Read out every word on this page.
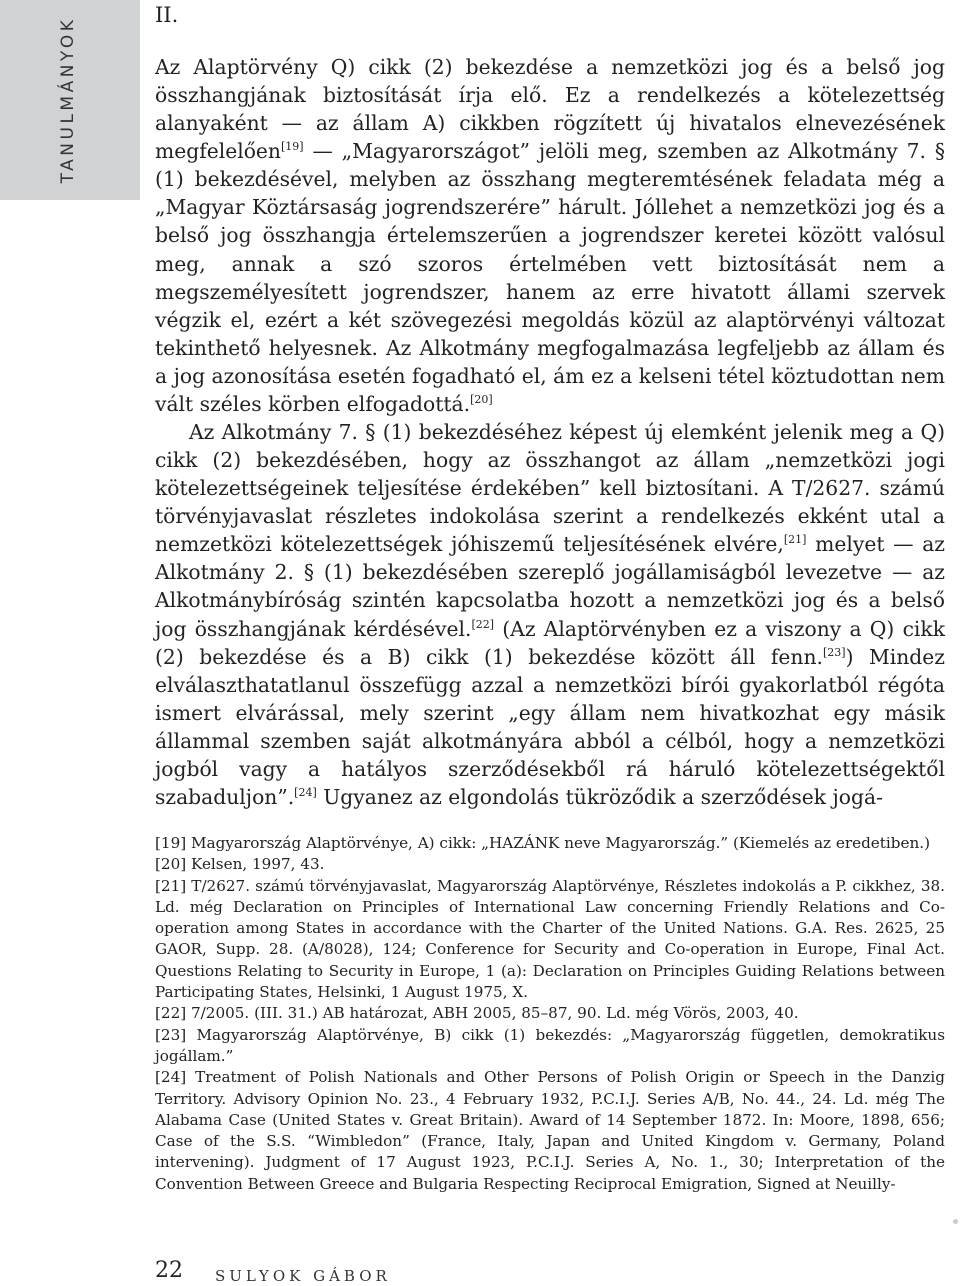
TANULMÁNYOK
II.

Az Alaptörvény Q) cikk (2) bekezdése a nemzetközi jog és a belső jog összhangjának biztosítását írja elő. Ez a rendelkezés a kötelezettség alanyaként — az állam A) cikkben rögzített új hivatalos elnevezésének megfelelően[19] — „Magyarországot” jelöli meg, szemben az Alkotmány 7. § (1) bekezdésével, melyben az összhang megteremtésének feladata még a „Magyar Köztársaság jogrendszerére” hárult. Jóllehet a nemzetközi jog és a belső jog összhangja értelemszerűen a jogrendszer keretei között valósul meg, annak a szó szoros értelmében vett biztosítását nem a megszemélyesített jogrendszer, hanem az erre hivatott állami szervek végzik el, ezért a két szövegezési megoldás közül az alaptörvényi változat tekinthető helyesnek. Az Alkotmány megfogalmazása legfeljebb az állam és a jog azonosítása esetén fogadható el, ám ez a kelseni tétel köztudottan nem vált széles körben elfogadottá.[20]

Az Alkotmány 7. § (1) bekezdéséhez képest új elemként jelenik meg a Q) cikk (2) bekezdésében, hogy az összhangot az állam „nemzetközi jogi kötelezettségeinek teljesítése érdekében” kell biztosítani. A T/2627. számú törvényjavaslat részletes indokolása szerint a rendelkezés ekként utal a nemzetközi kötelezettségek jóhiszemű teljesítésének elvére,[21] melyet — az Alkotmány 2. § (1) bekezdésében szereplő jogállamiságból levezetve — az Alkotmánybíróság szintén kapcsolatba hozott a nemzetközi jog és a belső jog összhangjának kérdésével.[22] (Az Alaptörvényben ez a viszony a Q) cikk (2) bekezdése és a B) cikk (1) bekezdése között áll fenn.[23]) Mindez elválaszthatatlanul összefügg azzal a nemzetközi bírói gyakorlatból régóta ismert elvárással, mely szerint „egy állam nem hivatkozhat egy másik állammal szemben saját alkotmányára abból a célból, hogy a nemzetközi jogból vagy a hatályos szerződésekből rá háruló kötelezettségektől szabaduljon”.[24] Ugyanez az elgondolás tükröződik a szerződések jogá-

[19] Magyarország Alaptörvénye, A) cikk: „HAZÁNK neve Magyarország.” (Kiemelés az eredetiben.)

[20] Kelsen, 1997, 43.

[21] T/2627. számú törvényjavaslat, Magyarország Alaptörvénye, Részletes indokolás a P. cikkhez, 38. Ld. még Declaration on Principles of International Law concerning Friendly Relations and Co-operation among States in accordance with the Charter of the United Nations. G.A. Res. 2625, 25 GAOR, Supp. 28. (A/8028), 124; Conference for Security and Co-operation in Europe, Final Act. Questions Relating to Security in Europe, 1 (a): Declaration on Principles Guiding Relations between Participating States, Helsinki, 1 August 1975, X.

[22] 7/2005. (III. 31.) AB határozat, ABH 2005, 85–87, 90. Ld. még Vörös, 2003, 40.

[23] Magyarország Alaptörvénye, B) cikk (1) bekezdés: „Magyarország független, demokratikus jogállam.”

[24] Treatment of Polish Nationals and Other Persons of Polish Origin or Speech in the Danzig Territory. Advisory Opinion No. 23., 4 February 1932, P.C.I.J. Series A/B, No. 44., 24. Ld. még The Alabama Case (United States v. Great Britain). Award of 14 September 1872. In: Moore, 1898, 656; Case of the S.S. “Wimbledon” (France, Italy, Japan and United Kingdom v. Germany, Poland intervening). Judgment of 17 August 1923, P.C.I.J. Series A, No. 1., 30; Interpretation of the Convention Between Greece and Bulgaria Respecting Reciprocal Emigration, Signed at Neuilly-

22 SULYOK GÁBOR
